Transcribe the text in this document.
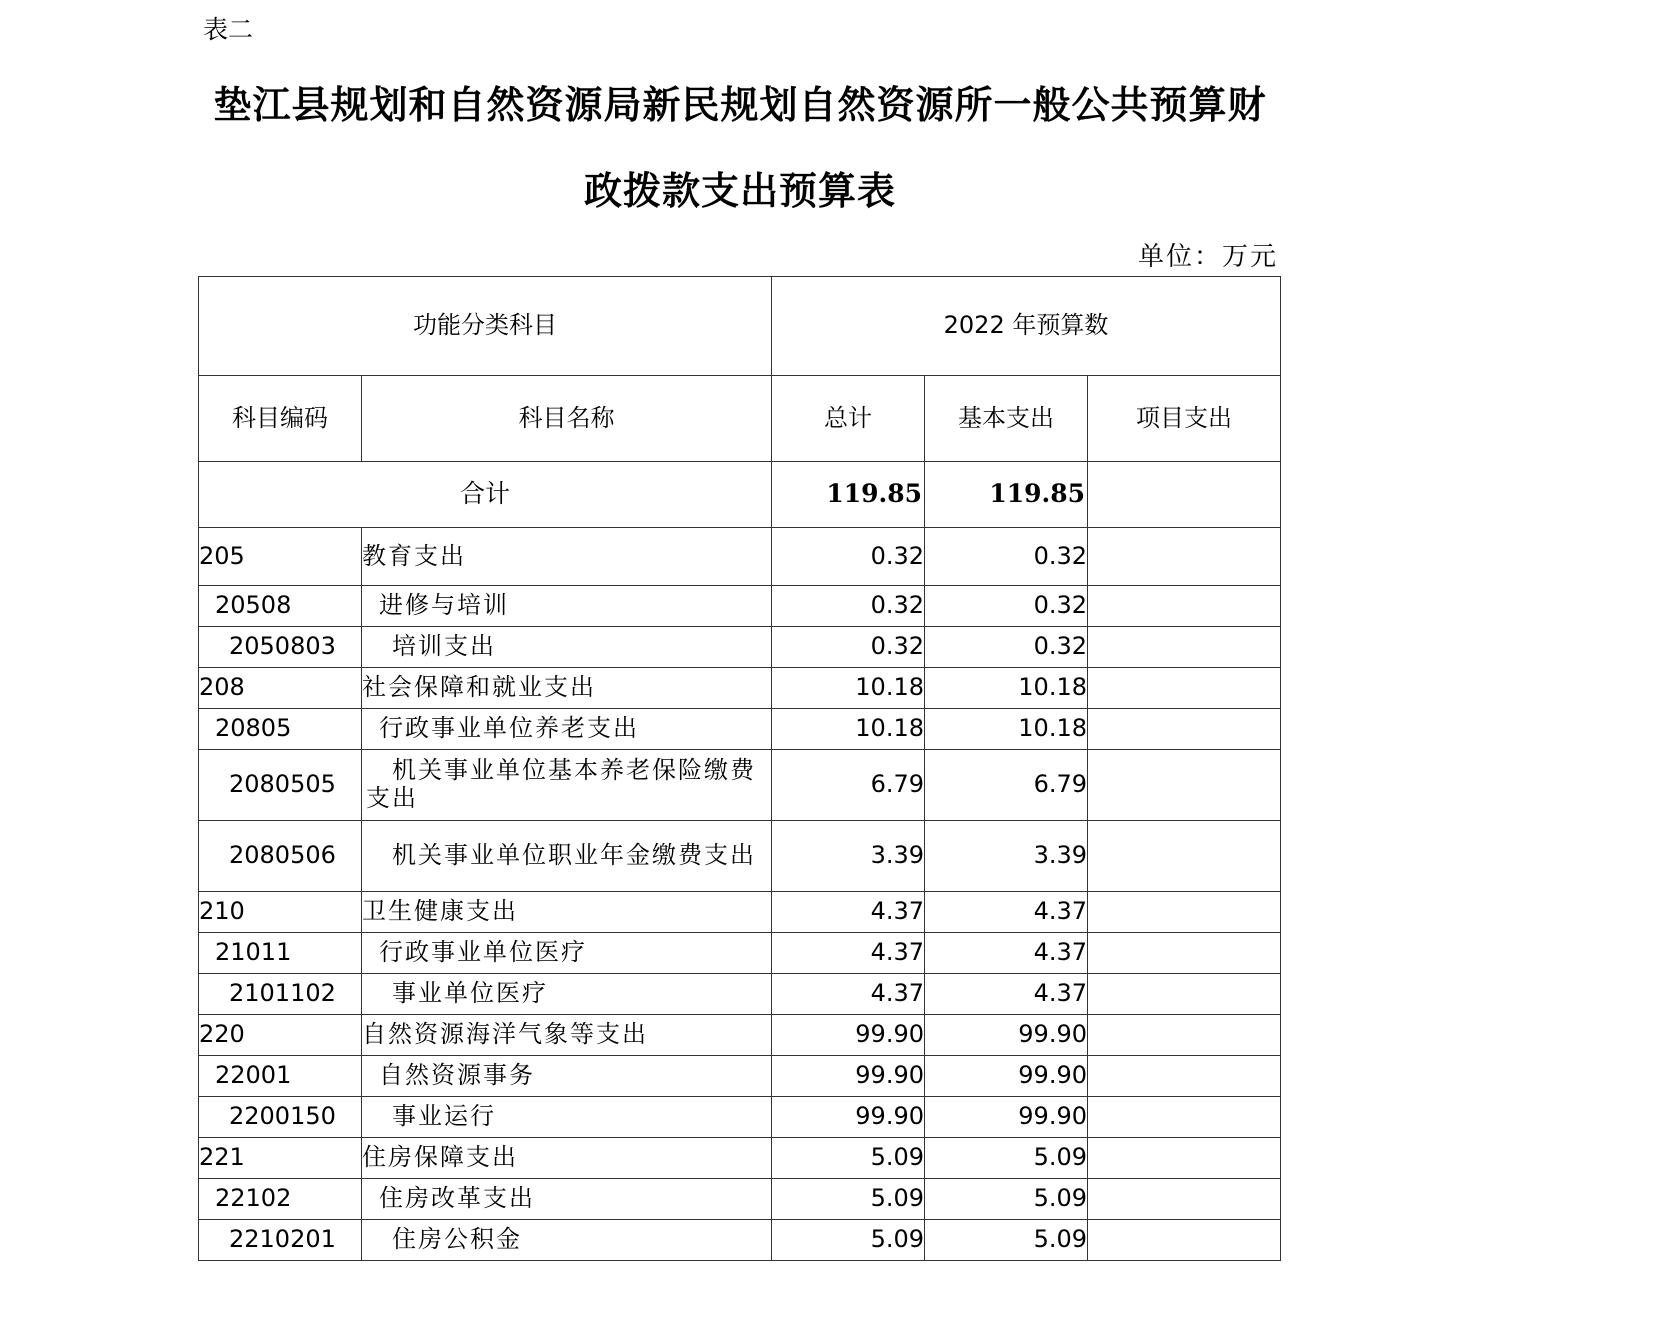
表二
垫江县规划和自然资源局新民规划自然资源所一般公共预算财
政拨款支出预算表
单位：万元
功能分类科目		2022 年预算数		
科目编码	科目名称	总计	基本支出	项目支出
合计		119.85	119.85	
205	教育支出	0.32	0.32	
20508	进修与培训	0.32	0.32	
2050803	培训支出	0.32	0.32	
208	社会保障和就业支出	10.18	10.18	
20805	行政事业单位养老支出	10.18	10.18	
2080505	机关事业单位基本养老保险缴费支出	6.79	6.79	
2080506	机关事业单位职业年金缴费支出	3.39	3.39	
210	卫生健康支出	4.37	4.37	
21011	行政事业单位医疗	4.37	4.37	
2101102	事业单位医疗	4.37	4.37	
220	自然资源海洋气象等支出	99.90	99.90	
22001	自然资源事务	99.90	99.90	
2200150	事业运行	99.90	99.90	
221	住房保障支出	5.09	5.09	
22102	住房改革支出	5.09	5.09	
2210201	住房公积金	5.09	5.09	
